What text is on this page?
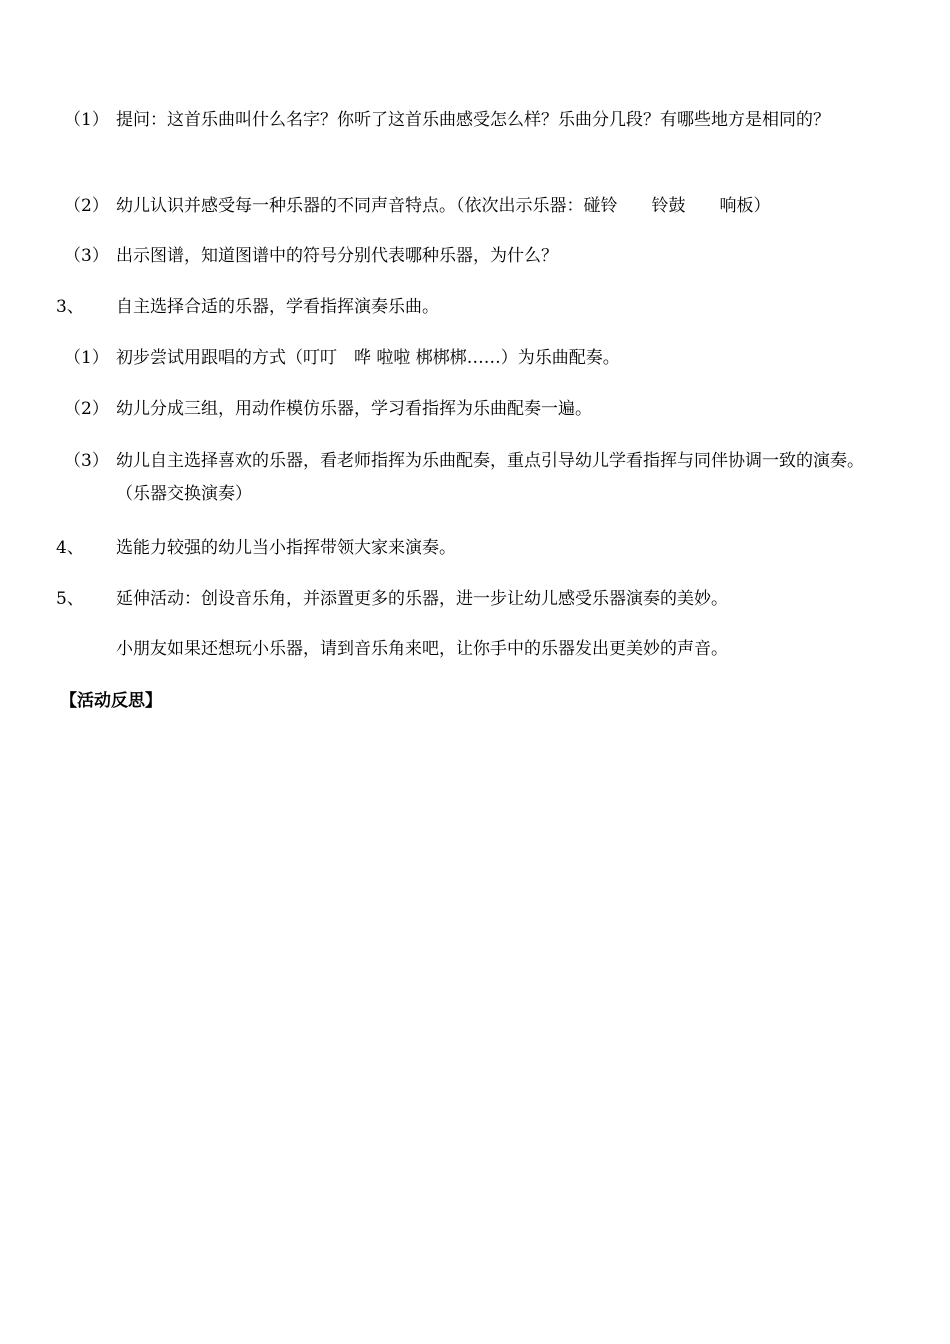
（1） 提问：这首乐曲叫什么名字？你听了这首乐曲感受怎么样？乐曲分几段？有哪些地方是相同的？
（2） 幼儿认识并感受每一种乐器的不同声音特点。（依次出示乐器：碰铃　　铃鼓　　响板）
（3） 出示图谱，知道图谱中的符号分别代表哪种乐器，为什么？
3、 自主选择合适的乐器，学看指挥演奏乐曲。
（1） 初步尝试用跟唱的方式（叮叮　哗 啦啦 梆梆梆……）为乐曲配奏。
（2） 幼儿分成三组，用动作模仿乐器，学习看指挥为乐曲配奏一遍。
（3） 幼儿自主选择喜欢的乐器，看老师指挥为乐曲配奏，重点引导幼儿学看指挥与同伴协调一致的演奏。（乐器交换演奏）
4、 选能力较强的幼儿当小指挥带领大家来演奏。
5、 延伸活动：创设音乐角，并添置更多的乐器，进一步让幼儿感受乐器演奏的美妙。
小朋友如果还想玩小乐器，请到音乐角来吧，让你手中的乐器发出更美妙的声音。
【活动反思】
